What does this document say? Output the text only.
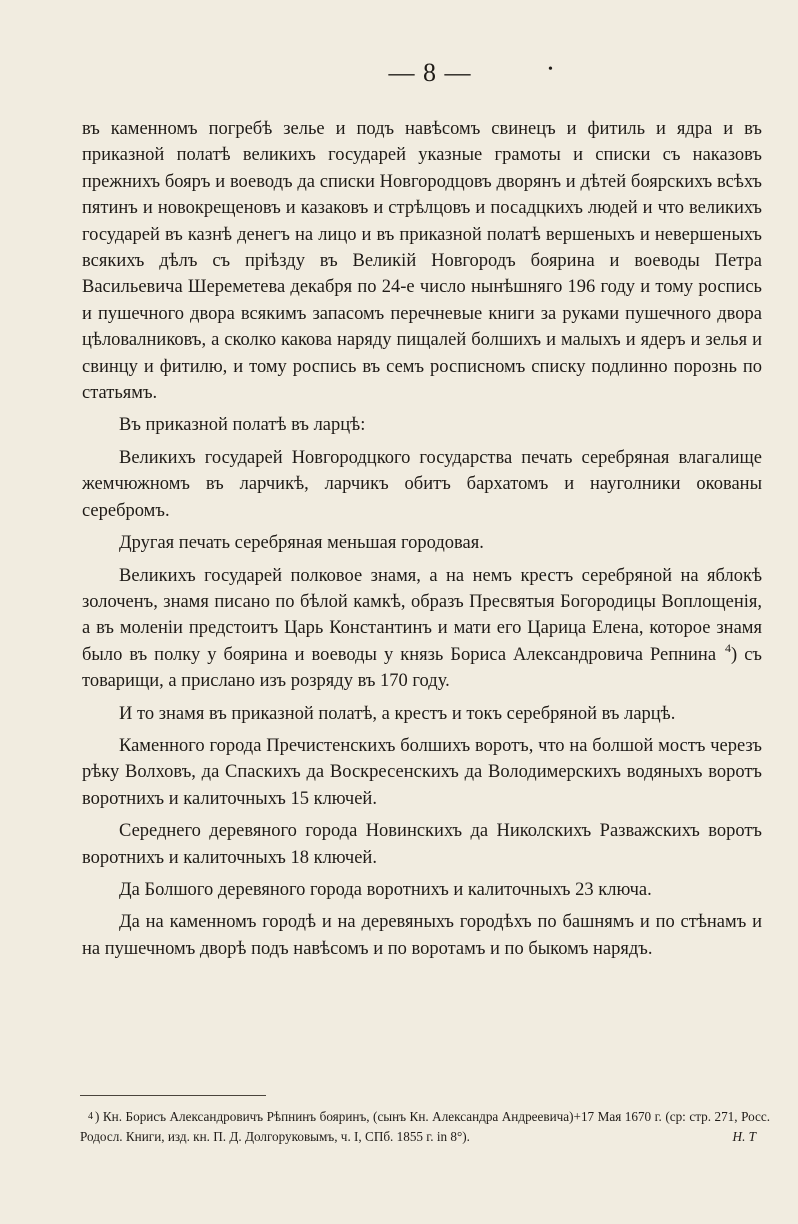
— 8 —	•

въ каменномъ погребѣ зелье и подъ навѣсомъ свинецъ и фитиль и ядра и въ приказной полатѣ великихъ государей указные грамоты и списки съ наказовъ прежнихъ бояръ и воеводъ да списки Новгородцовъ дворянъ и дѣтей боярскихъ всѣхъ пятинъ и новокрещеновъ и казаковъ и стрѣлцовъ и посадцкихъ людей и что великихъ государей въ казнѣ денегъ на лицо и въ приказной полатѣ вершеныхъ и невершеныхъ всякихъ дѣлъ съ пріѣзду въ Великій Новгородъ боярина и воеводы Петра Васильевича Шереметева декабря по 24-е число нынѣшняго 196 году и тому роспись и пушечного двора всякимъ запасомъ перечневые книги за руками пушечного двора цѣловалниковъ, а сколко какова наряду пищалей болшихъ и малыхъ и ядеръ и зелья и свинцу и фитилю, и тому роспись въ семъ росписномъ списку подлинно порознь по статьямъ.

Въ приказной полатѣ въ ларцѣ:

Великихъ государей Новгородцкого государства печать серебряная влагалище жемчюжномъ въ ларчикѣ, ларчикъ обитъ бархатомъ и науголники окованы серебромъ.

Другая печать серебряная меньшая городовая.

Великихъ государей полковое знамя, а на немъ крестъ серебряной на яблокѣ золоченъ, знамя писано по бѣлой камкѣ, образъ Пресвятыя Богородицы Воплощенія, а въ моленіи предстоитъ Царь Константинъ и мати его Царица Елена, которое знамя было въ полку у боярина и воеводы у князь Бориса Александровича Репнина $^4$) съ товарищи, а прислано изъ розряду въ 170 году.

И то знамя въ приказной полатѣ, а крестъ и токъ серебряной въ ларцѣ.

Каменного города Пречистенскихъ болшихъ воротъ, что на болшой мостъ черезъ рѣку Волховъ, да Спаскихъ да Воскресенскихъ да Володимерскихъ водяныхъ воротъ воротнихъ и калиточныхъ 15 ключей.

Середнего деревяного города Новинскихъ да Николскихъ Разважскихъ воротъ воротнихъ и калиточныхъ 18 ключей.

Да Болшого деревяного города воротнихъ и калиточныхъ 23 ключа.

Да на каменномъ городѣ и на деревяныхъ городѣхъ по башнямъ и по стѣнамъ и на пушечномъ дворѣ подъ навѣсомъ и по воротамъ и по быкомъ нарядъ.

$^4$ ) Кн. Борисъ Александровичъ Рѣпнинъ бояринъ, (сынъ Кн. Александра Андреевича)+17 Мая 1670 г. (ср: стр. 271, Росс. Родосл. Книги, изд. кн. П. Д. Долгоруковымъ, ч. I, СПб. 1855 г. in 8°).	Н. Т
